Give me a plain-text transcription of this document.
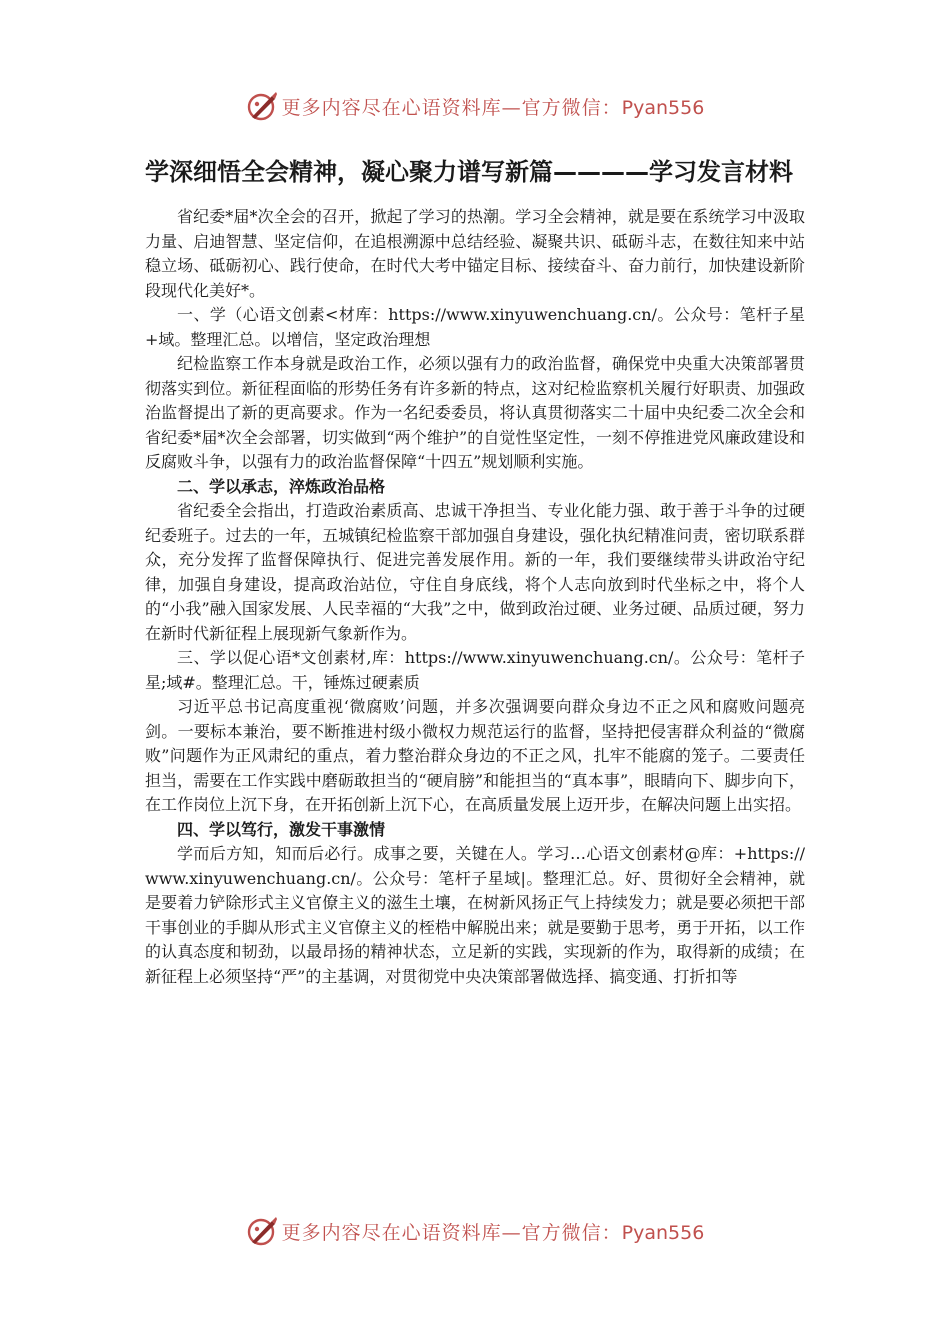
更多内容尽在心语资料库—官方微信：Pyan556
学深细悟全会精神，凝心聚力谱写新篇————学习发言材料

省纪委*届*次全会的召开，掀起了学习的热潮。学习全会精神，就是要在系统学习中汲取力量、启迪智慧、坚定信仰，在追根溯源中总结经验、凝聚共识、砥砺斗志，在数往知来中站稳立场、砥砺初心、践行使命，在时代大考中锚定目标、接续奋斗、奋力前行，加快建设新阶段现代化美好*。

一、学（心语文创素<材库：https://www.xinyuwenchuang.cn/。公众号：笔杆子星+域。整理汇总。以增信，坚定政治理想

纪检监察工作本身就是政治工作，必须以强有力的政治监督，确保党中央重大决策部署贯彻落实到位。新征程面临的形势任务有许多新的特点，这对纪检监察机关履行好职责、加强政治监督提出了新的更高要求。作为一名纪委委员，将认真贯彻落实二十届中央纪委二次全会和省纪委*届*次全会部署，切实做到“两个维护”的自觉性坚定性，一刻不停推进党风廉政建设和反腐败斗争，以强有力的政治监督保障“十四五”规划顺利实施。

二、学以承志，淬炼政治品格

省纪委全会指出，打造政治素质高、忠诚干净担当、专业化能力强、敢于善于斗争的过硬纪委班子。过去的一年，五城镇纪检监察干部加强自身建设，强化执纪精准问责，密切联系群众，充分发挥了监督保障执行、促进完善发展作用。新的一年，我们要继续带头讲政治守纪律，加强自身建设，提高政治站位，守住自身底线，将个人志向放到时代坐标之中，将个人的“小我”融入国家发展、人民幸福的“大我”之中，做到政治过硬、业务过硬、品质过硬，努力在新时代新征程上展现新气象新作为。

三、学以促心语*文创素材,库：https://www.xinyuwenchuang.cn/。公众号：笔杆子星;域#。整理汇总。干，锤炼过硬素质

习近平总书记高度重视‘微腐败’问题，并多次强调要向群众身边不正之风和腐败问题亮剑。一要标本兼治，要不断推进村级小微权力规范运行的监督，坚持把侵害群众利益的“微腐败”问题作为正风肃纪的重点，着力整治群众身边的不正之风，扎牢不能腐的笼子。二要责任担当，需要在工作实践中磨砺敢担当的“硬肩膀”和能担当的“真本事”，眼睛向下、脚步向下，在工作岗位上沉下身，在开拓创新上沉下心，在高质量发展上迈开步，在解决问题上出实招。

四、学以笃行，激发干事激情

学而后方知，知而后必行。成事之要，关键在人。学习…心语文创素材@库：+https://www.xinyuwenchuang.cn/。公众号：笔杆子星域|。整理汇总。好、贯彻好全会精神，就是要着力铲除形式主义官僚主义的滋生土壤，在树新风扬正气上持续发力；就是要必须把干部干事创业的手脚从形式主义官僚主义的桎梏中解脱出来；就是要勤于思考，勇于开拓，以工作的认真态度和韧劲，以最昂扬的精神状态，立足新的实践，实现新的作为，取得新的成绩；在新征程上必须坚持“严”的主基调，对贯彻党中央决策部署做选择、搞变通、打折扣等

更多内容尽在心语资料库—官方微信：Pyan556
